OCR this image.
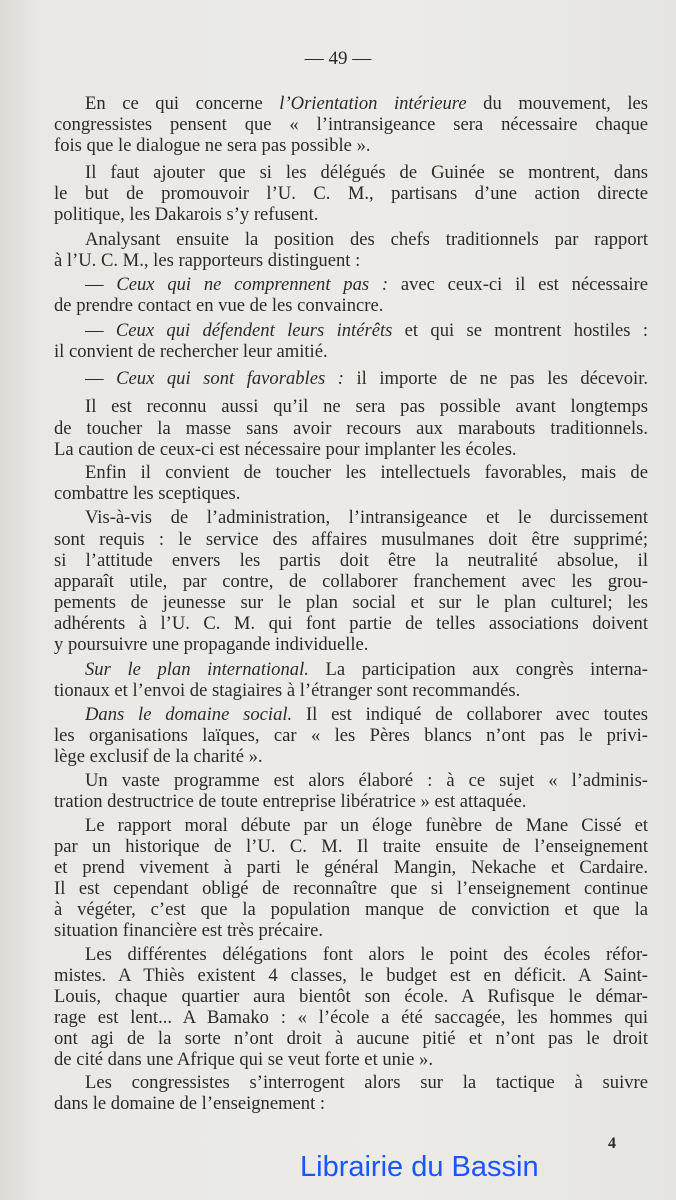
— 49 —
En ce qui concerne l’Orientation intérieure du mouvement, les
congressistes pensent que « l’intransigeance sera nécessaire chaque
fois que le dialogue ne sera pas possible ».
Il faut ajouter que si les délégués de Guinée se montrent, dans
le but de promouvoir l’U. C. M., partisans d’une action directe
politique, les Dakarois s’y refusent.
Analysant ensuite la position des chefs traditionnels par rapport
à l’U. C. M., les rapporteurs distinguent :
— Ceux qui ne comprennent pas : avec ceux-ci il est nécessaire
de prendre contact en vue de les convaincre.
— Ceux qui défendent leurs intérêts et qui se montrent hostiles :
il convient de rechercher leur amitié.
— Ceux qui sont favorables : il importe de ne pas les décevoir.
Il est reconnu aussi qu’il ne sera pas possible avant longtemps
de toucher la masse sans avoir recours aux marabouts traditionnels.
La caution de ceux-ci est nécessaire pour implanter les écoles.
Enfin il convient de toucher les intellectuels favorables, mais de
combattre les sceptiques.
Vis-à-vis de l’administration, l’intransigeance et le durcissement
sont requis : le service des affaires musulmanes doit être supprimé;
si l’attitude envers les partis doit être la neutralité absolue, il
apparaît utile, par contre, de collaborer franchement avec les grou-
pements de jeunesse sur le plan social et sur le plan culturel; les
adhérents à l’U. C. M. qui font partie de telles associations doivent
y poursuivre une propagande individuelle.
Sur le plan international. La participation aux congrès interna-
tionaux et l’envoi de stagiaires à l’étranger sont recommandés.
Dans le domaine social. Il est indiqué de collaborer avec toutes
les organisations laïques, car « les Pères blancs n’ont pas le privi-
lège exclusif de la charité ».
Un vaste programme est alors élaboré : à ce sujet « l’adminis-
tration destructrice de toute entreprise libératrice » est attaquée.
Le rapport moral débute par un éloge funèbre de Mane Cissé et
par un historique de l’U. C. M. Il traite ensuite de l’enseignement
et prend vivement à parti le général Mangin, Nekache et Cardaire.
Il est cependant obligé de reconnaître que si l’enseignement continue
à végéter, c’est que la population manque de conviction et que la
situation financière est très précaire.
Les différentes délégations font alors le point des écoles réfor-
mistes. A Thiès existent 4 classes, le budget est en déficit. A Saint-
Louis, chaque quartier aura bientôt son école. A Rufisque le démar-
rage est lent... A Bamako : « l’école a été saccagée, les hommes qui
ont agi de la sorte n’ont droit à aucune pitié et n’ont pas le droit
de cité dans une Afrique qui se veut forte et unie ».
Les congressistes s’interrogent alors sur la tactique à suivre
dans le domaine de l’enseignement :
4
Librairie du Bassin
